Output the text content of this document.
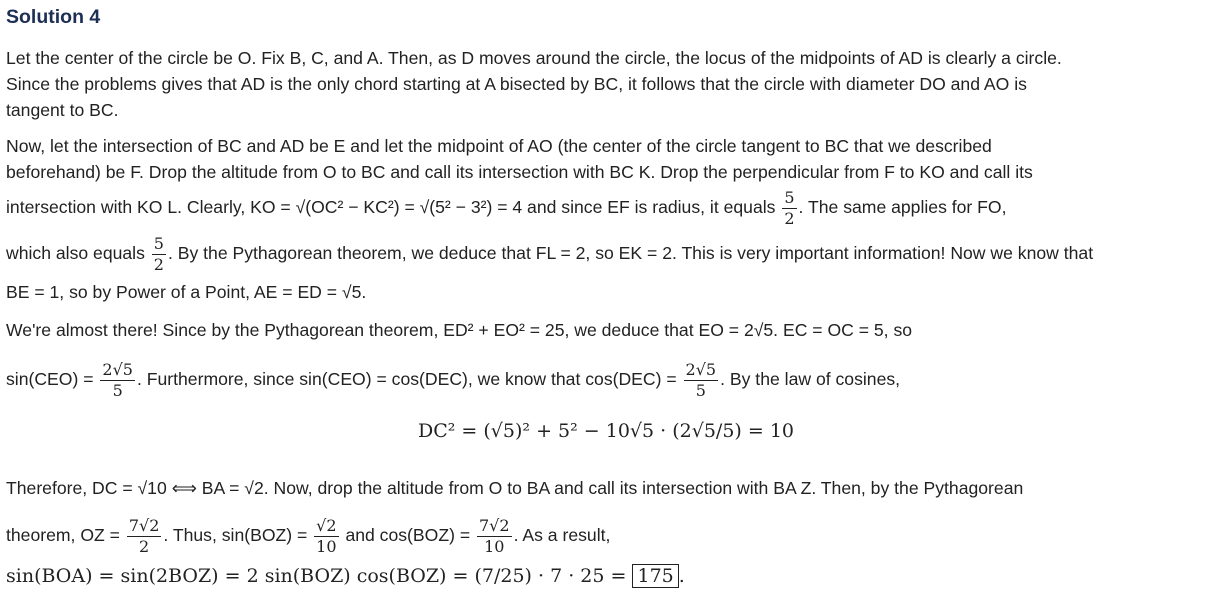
Solution 4
Let the center of the circle be O. Fix B, C, and A. Then, as D moves around the circle, the locus of the midpoints of AD is clearly a circle.
Since the problems gives that AD is the only chord starting at A bisected by BC, it follows that the circle with diameter DO and AO is
tangent to BC.
Now, let the intersection of BC and AD be E and let the midpoint of AO (the center of the circle tangent to BC that we described
beforehand) be F. Drop the altitude from O to BC and call its intersection with BC K. Drop the perpendicular from F to KO and call its
intersection with KO L. Clearly, KO = √(OC² − KC²) = √(5² − 3²) = 4 and since EF is radius, it equals $\frac{5}{2}$ . The same applies for FO,
which also equals $\frac{5}{2}$ . By the Pythagorean theorem, we deduce that FL = 2, so EK = 2. This is very important information! Now we know that
BE = 1, so by Power of a Point, AE = ED = √5.
We're almost there! Since by the Pythagorean theorem, ED² + EO² = 25, we deduce that EO = 2√5. EC = OC = 5, so
$\sin(CEO) = \frac{2√5}{5}$ . Furthermore, since sin(CEO) = cos(DEC), we know that $\cos(DEC) = \frac{2√5}{5}$ . By the law of cosines,
DC² = (√5)² + 5² − 10√5 · (2√5/5) = 10
Therefore, DC = √10 ⟺ BA = √2. Now, drop the altitude from O to BA and call its intersection with BA Z. Then, by the Pythagorean
theorem, OZ = $\frac{7√2}{2}$ . Thus, $\sin(BOZ) = \frac{√2}{10}$ and $\cos(BOZ) = \frac{7√2}{10}$ . As a result,
sin(BOA) = sin(2BOZ) = 2 sin(BOZ) cos(BOZ) = (7/25) · 7 · 25 = 175 .
